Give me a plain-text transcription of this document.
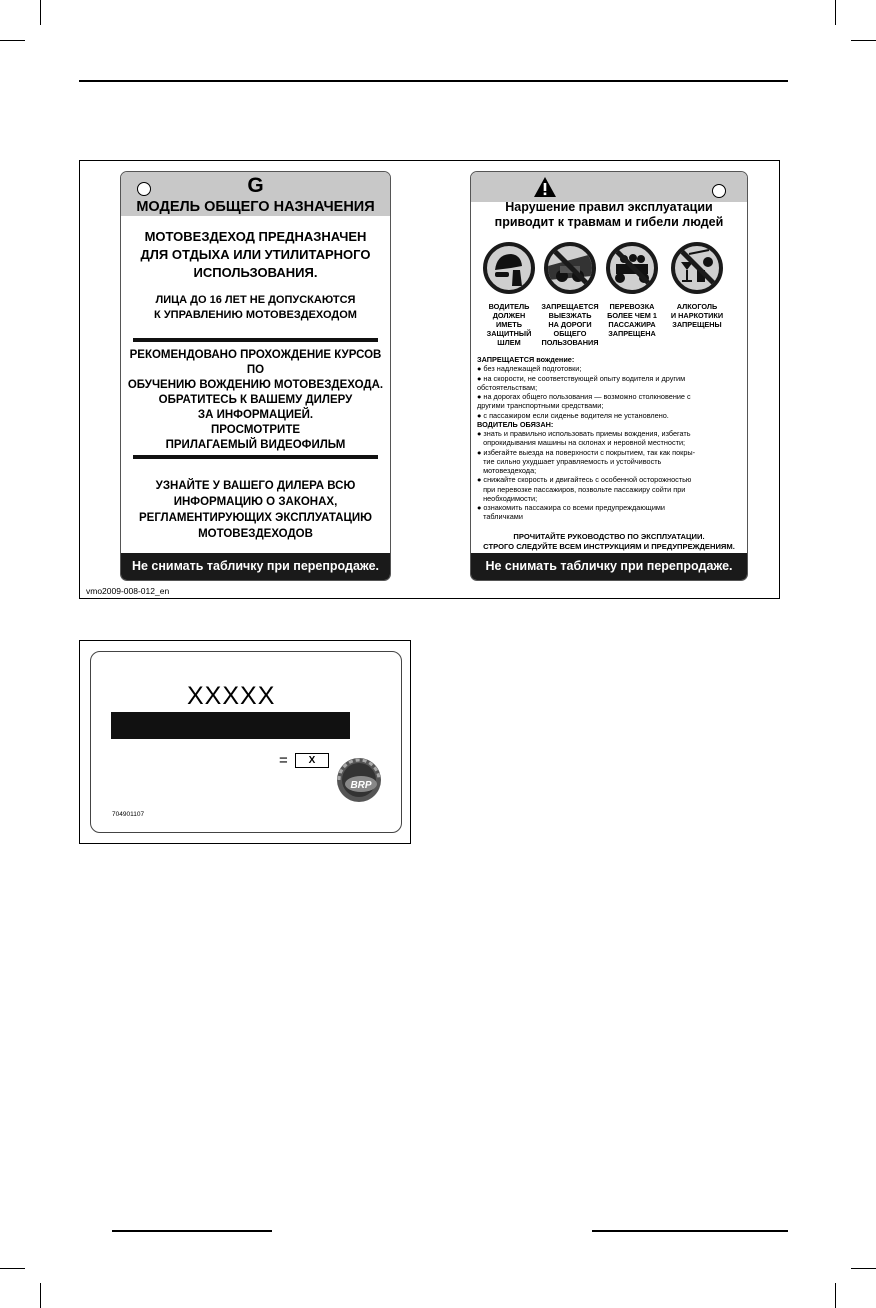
G
МОДЕЛЬ ОБЩЕГО НАЗНАЧЕНИЯ
МОТОВЕЗДЕХОД ПРЕДНАЗНАЧЕН
ДЛЯ ОТДЫХА ИЛИ УТИЛИТАРНОГО
ИСПОЛЬЗОВАНИЯ.
ЛИЦА ДО 16 ЛЕТ НЕ ДОПУСКАЮТСЯ
К УПРАВЛЕНИЮ МОТОВЕЗДЕХОДОМ
РЕКОМЕНДОВАНО ПРОХОЖДЕНИЕ КУРСОВ
ПО
ОБУЧЕНИЮ ВОЖДЕНИЮ МОТОВЕЗДЕХОДА.
ОБРАТИТЕСЬ К ВАШЕМУ ДИЛЕРУ
ЗА ИНФОРМАЦИЕЙ.
ПРОСМОТРИТЕ
ПРИЛАГАЕМЫЙ ВИДЕОФИЛЬМ
УЗНАЙТЕ У ВАШЕГО ДИЛЕРА ВСЮ
ИНФОРМАЦИЮ О ЗАКОНАХ,
РЕГЛАМЕНТИРУЮЩИХ ЭКСПЛУАТАЦИЮ
МОТОВЕЗДЕХОДОВ
Не снимать табличку при перепродаже.
Нарушение правил эксплуатации
приводит к травмам и гибели людей
ВОДИТЕЛЬ
ДОЛЖЕН
ИМЕТЬ
ЗАЩИТНЫЙ
ШЛЕМ
ЗАПРЕЩАЕТСЯ
ВЫЕЗЖАТЬ
НА ДОРОГИ
ОБЩЕГО
ПОЛЬЗОВАНИЯ
ПЕРЕВОЗКА
БОЛЕЕ ЧЕМ 1
ПАССАЖИРА
ЗАПРЕЩЕНА
АЛКОГОЛЬ
И НАРКОТИКИ
ЗАПРЕЩЕНЫ
ЗАПРЕЩАЕТСЯ вождение:
● без надлежащей подготовки;
● на скорости, не соответствующей опыту водителя и другим
обстоятельствам;
● на дорогах общего пользования — возможно столкновение с
другими транспортными средствами;
● с пассажиром если сиденье водителя не установлено.
ВОДИТЕЛЬ ОБЯЗАН:
● знать и правильно использовать приемы вождения, избегать
опрокидывания машины на склонах и неровной местности;
● избегайте выезда на поверхности с покрытием, так как покры-
тие сильно ухудшает управляемость и устойчивость
мотовездехода;
● снижайте скорость и двигайтесь с особенной осторожностью
при перевозке пассажиров, позвольте пассажиру сойти при
необходимости;
● ознакомить пассажира со всеми предупреждающими
табличками
ПРОЧИТАЙТЕ РУКОВОДСТВО ПО ЭКСПЛУАТАЦИИ.
СТРОГО СЛЕДУЙТЕ ВСЕМ ИНСТРУКЦИЯМ И ПРЕДУПРЕЖДЕНИЯМ.
Не снимать табличку при перепродаже.
vmo2009-008-012_en
XXXXX
=	X
BRP
704901107
